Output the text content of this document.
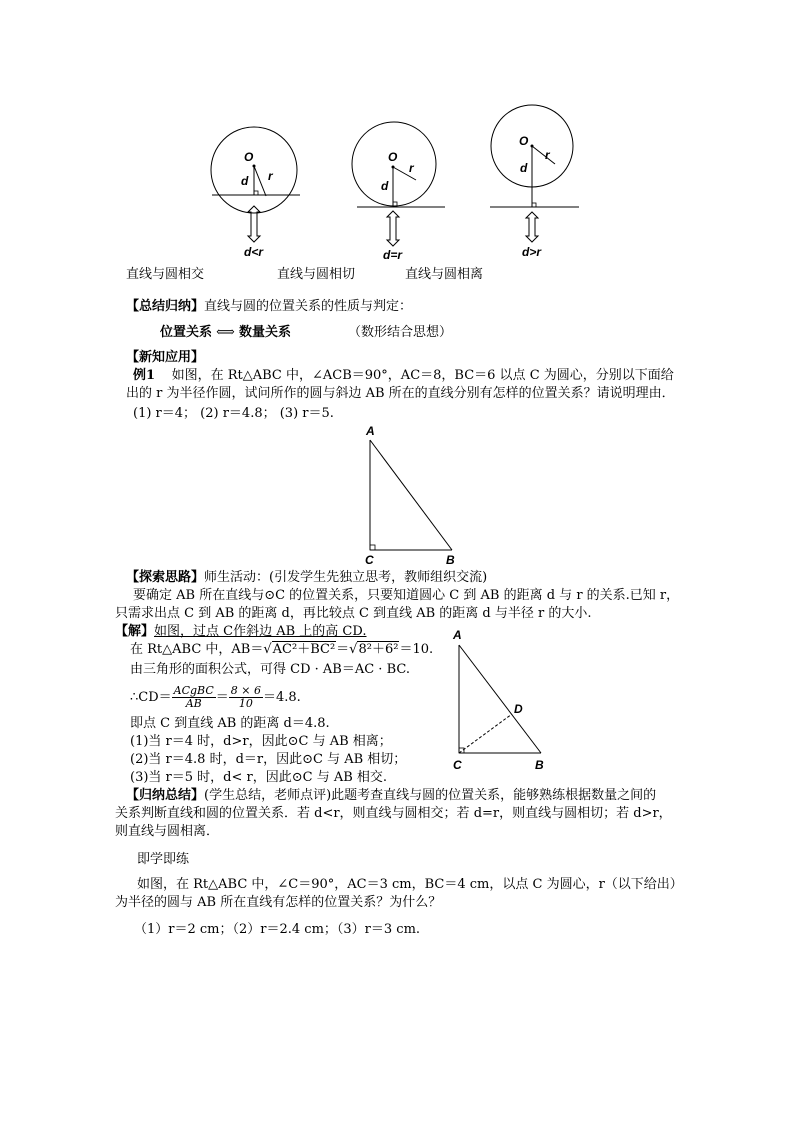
O
d r
d<r
O
d
r
d=r
O
d
r
d>r
直线与圆相交	直线与圆相切	直线与圆相离
【总结归纳】直线与圆的位置关系的性质与判定：
位置关系 ⟺ 数量关系	（数形结合思想）
【新知应用】
例1 如图，在 Rt△ABC 中，∠ACB＝90°，AC＝8，BC＝6 以点 C 为圆心，分别以下面给
出的 r 为半径作圆，试问所作的圆与斜边 AB 所在的直线分别有怎样的位置关系？请说明理由．
(1) r＝4； (2) r＝4.8； (3) r＝5.
A
C	B
【探索思路】师生活动：(引发学生先独立思考，教师组织交流)
要确定 AB 所在直线与⊙C 的位置关系，只要知道圆心 C 到 AB 的距离 d 与 r 的关系.已知 r，
只需求出点 C 到 AB 的距离 d，再比较点 C 到直线 AB 的距离 d 与半径 r 的大小.
【解】如图，过点 C作斜边 AB 上的高 CD.
在 Rt△ABC 中，AB＝√AC²＋BC²＝√8²＋6²＝10.
由三角形的面积公式，可得 CD · AB＝AC · BC.
∴CD＝ $\frac{\text{ACgBC}}{AB} = \frac{8 \times 6}{10} =4.8$.
即点 C 到直线 AB 的距离 d＝4.8.
(1)当 r＝4 时，d>r，因此⊙C 与 AB 相离；
(2)当 r＝4.8 时，d＝r，因此⊙C 与 AB 相切；
(3)当 r＝5 时，d< r，因此⊙C 与 AB 相交.
A
D
C	B
【归纳总结】(学生总结，老师点评)此题考查直线与圆的位置关系，能够熟练根据数量之间的
关系判断直线和圆的位置关系．若 d<r，则直线与圆相交；若 d=r，则直线与圆相切；若 d>r，
则直线与圆相离．
即学即练
如图，在 Rt△ABC 中，∠C＝90°，AC＝3 cm，BC＝4 cm，以点 C 为圆心，r（以下给出）
为半径的圆与 AB 所在直线有怎样的位置关系？为什么？
（1）r＝2 cm；（2）r＝2.4 cm；（3）r＝3 cm.
